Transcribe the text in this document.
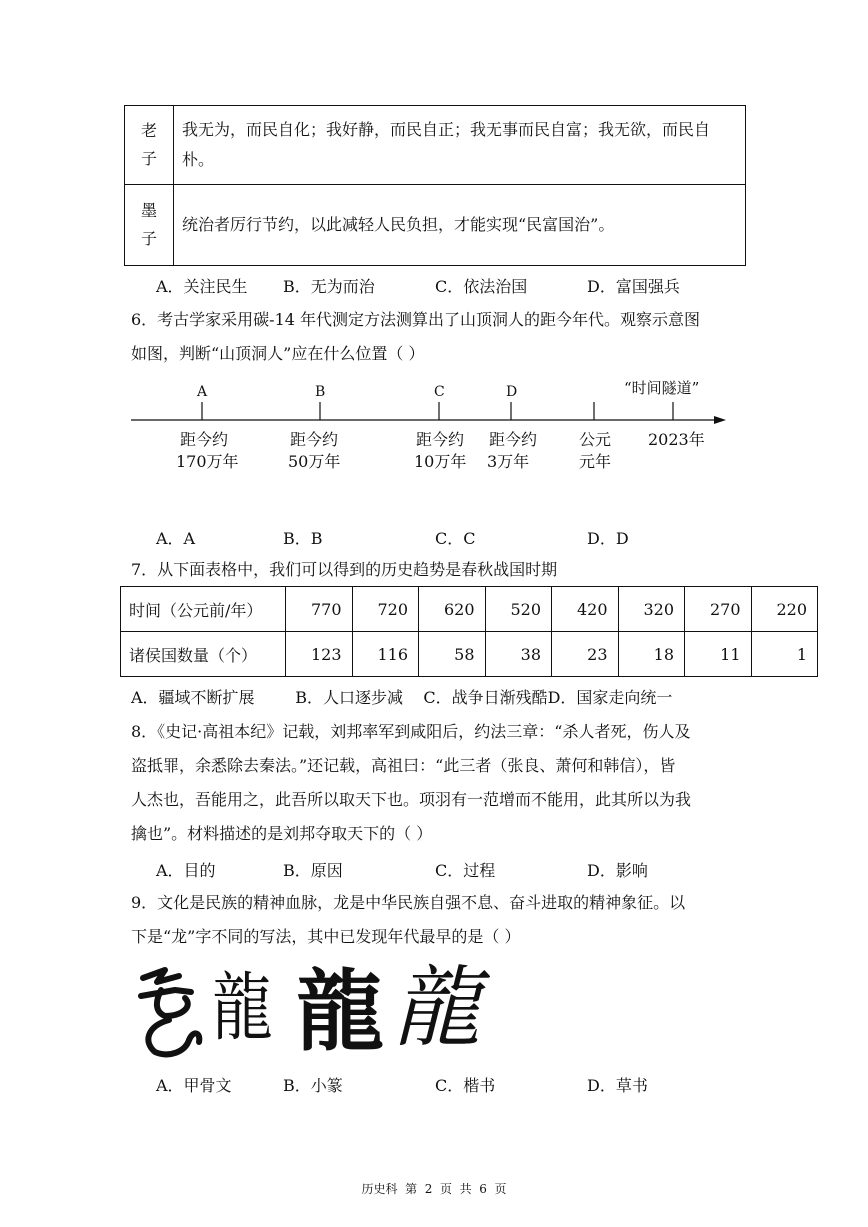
老
子	我无为，而民自化；我好静，而民自正；我无事而民自富；我无欲，而民自朴。

墨
子	统治者厉行节约，以此减轻人民负担，才能实现“民富国治”。
A．关注民生 B．无为而治	C．依法治国	D．富国强兵
6．考古学家采用碳-14 年代测定方法测算出了山顶洞人的距今年代。观察示意图
如图，判断“山顶洞人”应在什么位置（ ）
A	B	C	D	“时间隧道”
距今约
170万年
距今约
50万年
距今约
10万年
距今约
3万年
公元
元年
2023年
A．A	B．B	C．C	D．D
7．从下面表格中，我们可以得到的历史趋势是春秋战国时期
时间（公元前/年）	770	720	620	520	420	320	270	220
诸侯国数量（个）	123	116	58	38	23	18	11	1
A．疆域不断扩展        B．人口逐步减    C．战争日渐残酷D．国家走向统一
8．《史记·高祖本纪》记载，刘邦率军到咸阳后，约法三章：“杀人者死，伤人及
盗抵罪，余悉除去秦法。”还记载，高祖曰：“此三者（张良、萧何和韩信），皆
人杰也，吾能用之，此吾所以取天下也。项羽有一范增而不能用，此其所以为我
擒也”。材料描述的是刘邦夺取天下的（ ）
A．目的	B．原因	C．过程	D．影响
9．文化是民族的精神血脉，龙是中华民族自强不息、奋斗进取的精神象征。以
下是“龙”字不同的写法，其中已发现年代最早的是（ ）
龍 龍 龍
A．甲骨文	B．小篆	C．楷书	D．草书
历史科  第  2  页  共  6  页
